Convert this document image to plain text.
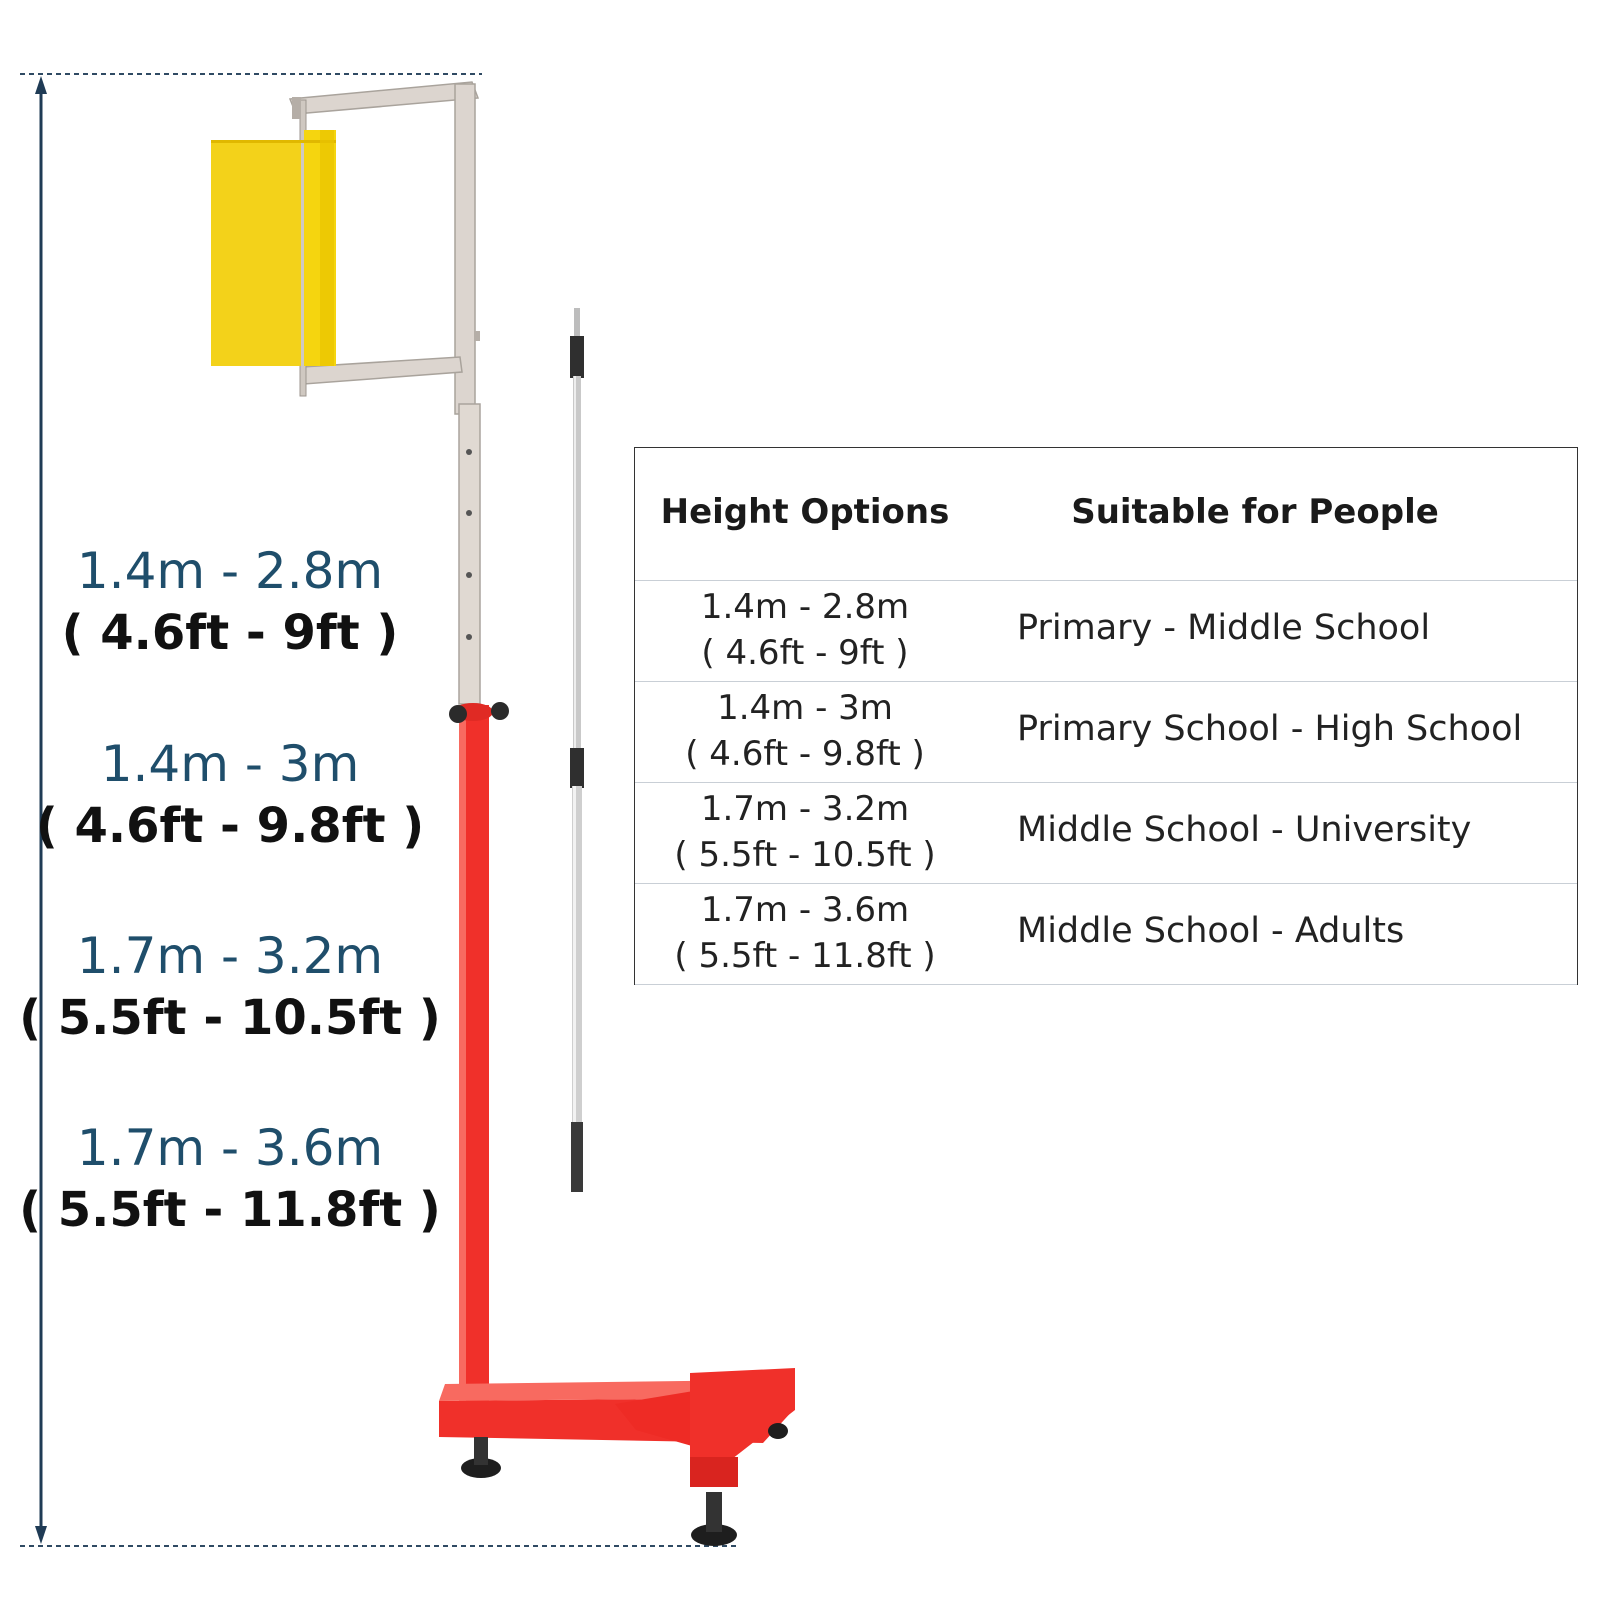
1.4m - 2.8m
( 4.6ft - 9ft )
1.4m - 3m
( 4.6ft - 9.8ft )
1.7m - 3.2m
( 5.5ft - 10.5ft )
1.7m - 3.6m
( 5.5ft - 11.8ft )
Height Options	Suitable for People
1.4m - 2.8m
( 4.6ft - 9ft )
Primary - Middle School
1.4m - 3m
( 4.6ft - 9.8ft )
Primary School - High School
1.7m - 3.2m
( 5.5ft - 10.5ft )
Middle School - University
1.7m - 3.6m
( 5.5ft - 11.8ft )
Middle School - Adults
